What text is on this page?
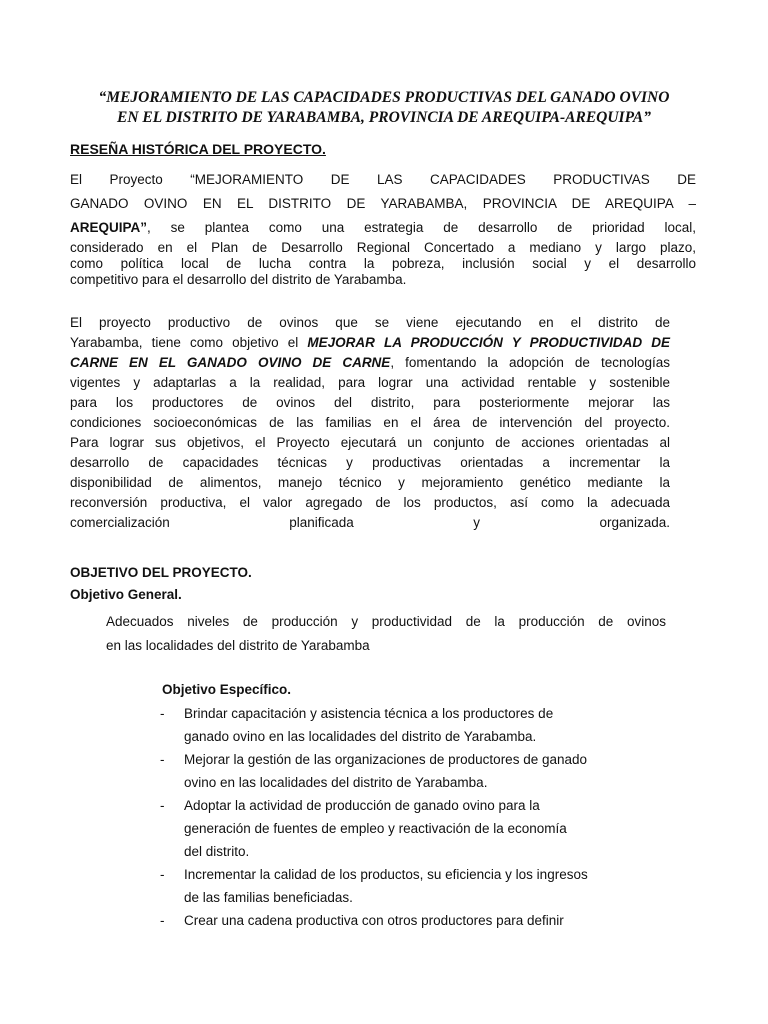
“MEJORAMIENTO DE LAS CAPACIDADES PRODUCTIVAS DEL GANADO OVINO
EN EL DISTRITO DE YARABAMBA, PROVINCIA DE AREQUIPA-AREQUIPA”
RESEÑA HISTÓRICA DEL PROYECTO.

El Proyecto “MEJORAMIENTO DE LAS CAPACIDADES PRODUCTIVAS DE
GANADO OVINO EN EL DISTRITO DE YARABAMBA, PROVINCIA DE AREQUIPA –
AREQUIPA”, se plantea como una estrategia de desarrollo de prioridad local,
considerado en el Plan de Desarrollo Regional Concertado a mediano y largo plazo,
como política local de lucha contra la pobreza, inclusión social y el desarrollo
competitivo para el desarrollo del distrito de Yarabamba.

El proyecto productivo de ovinos que se viene ejecutando en el distrito de
Yarabamba, tiene como objetivo el MEJORAR LA PRODUCCIÓN Y PRODUCTIVIDAD DE
CARNE EN EL GANADO OVINO DE CARNE, fomentando la adopción de tecnologías
vigentes y adaptarlas a la realidad, para lograr una actividad rentable y sostenible
para los productores de ovinos del distrito, para posteriormente mejorar las
condiciones socioeconómicas de las familias en el área de intervención del proyecto.
Para lograr sus objetivos, el Proyecto ejecutará un conjunto de acciones orientadas al
desarrollo de capacidades técnicas y productivas orientadas a incrementar la
disponibilidad de alimentos, manejo técnico y mejoramiento genético mediante la
reconversión productiva, el valor agregado de los productos, así como la adecuada
comercialización planificada y organizada.

OBJETIVO DEL PROYECTO.
Objetivo General.

Adecuados niveles de producción y productividad de la producción de ovinos
en las localidades del distrito de Yarabamba

Objetivo Específico.
- Brindar capacitación y asistencia técnica a los productores de
ganado ovino en las localidades del distrito de Yarabamba.
- Mejorar la gestión de las organizaciones de productores de ganado
ovino en las localidades del distrito de Yarabamba.
- Adoptar la actividad de producción de ganado ovino para la
generación de fuentes de empleo y reactivación de la economía
del distrito.
- Incrementar la calidad de los productos, su eficiencia y los ingresos
de las familias beneficiadas.
- Crear una cadena productiva con otros productores para definir
